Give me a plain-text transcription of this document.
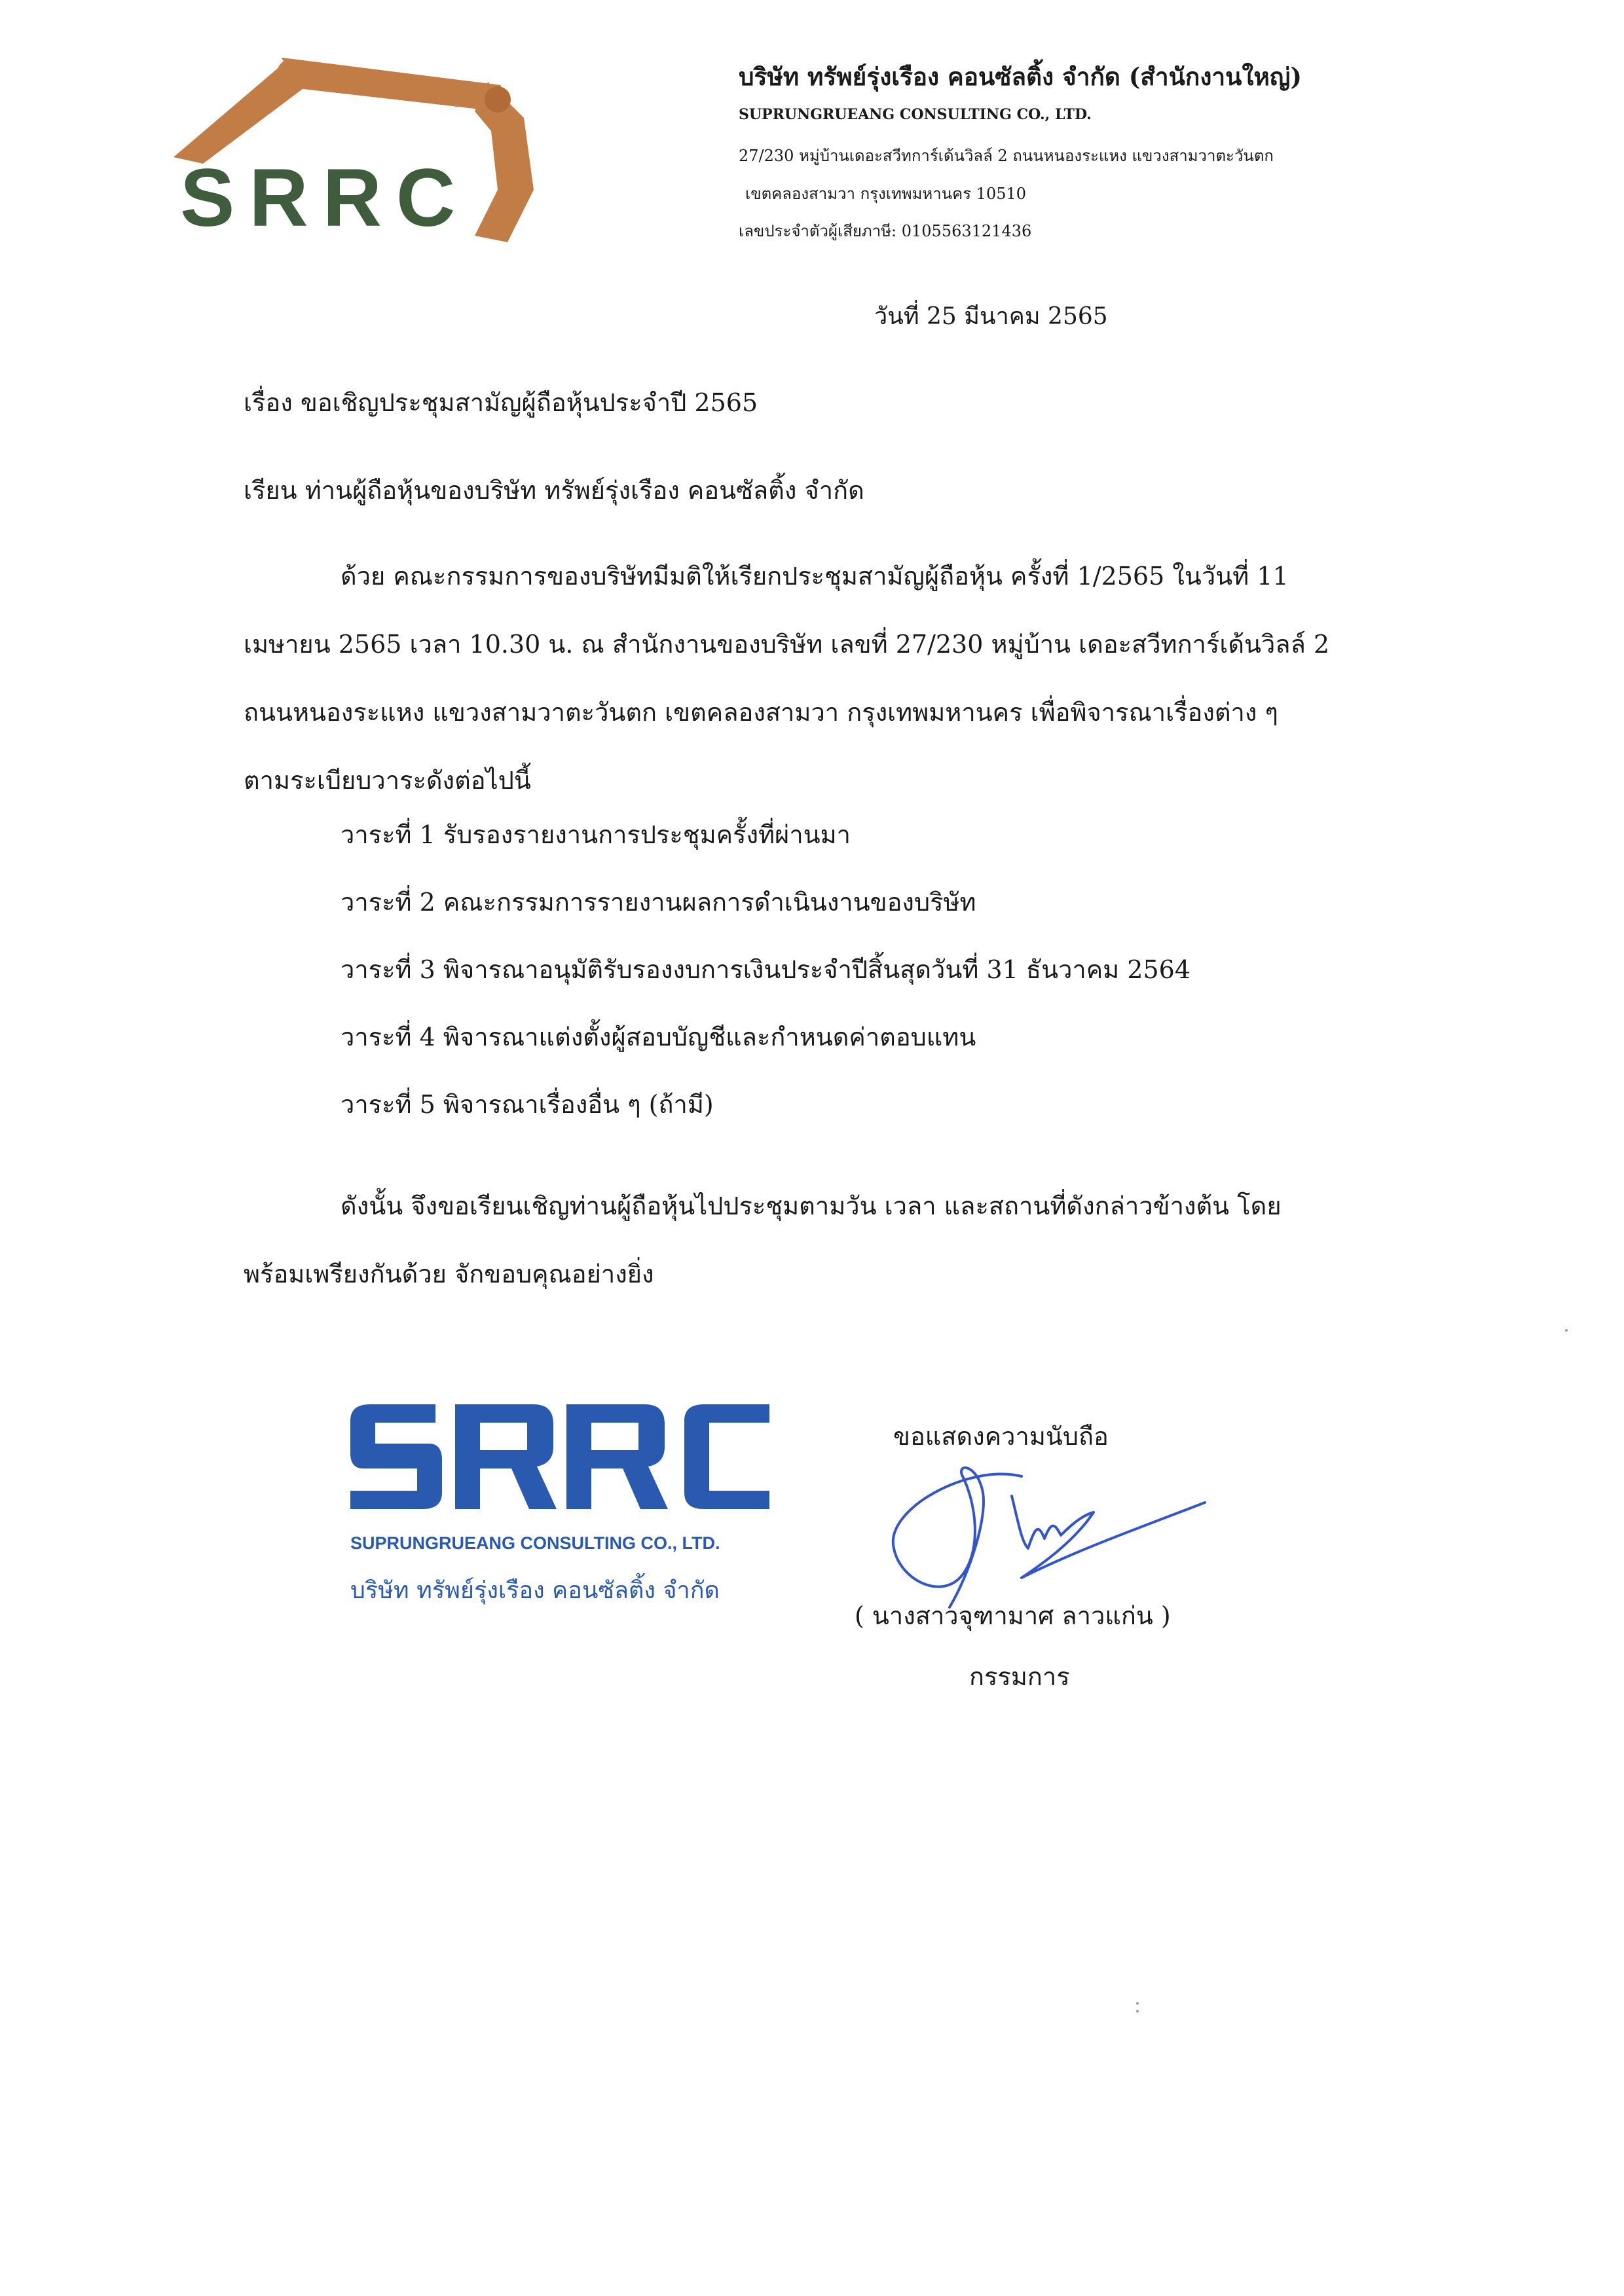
SRRC
บริษัท ทรัพย์รุ่งเรือง คอนซัลติ้ง จำกัด (สำนักงานใหญ่)
SUPRUNGRUEANG CONSULTING CO., LTD.
27/230 หมู่บ้านเดอะสวีทการ์เด้นวิลล์ 2 ถนนหนองระแหง แขวงสามวาตะวันตก
เขตคลองสามวา กรุงเทพมหานคร 10510
เลขประจำตัวผู้เสียภาษี: 0105563121436
วันที่ 25 มีนาคม 2565
เรื่อง ขอเชิญประชุมสามัญผู้ถือหุ้นประจำปี 2565
เรียน ท่านผู้ถือหุ้นของบริษัท ทรัพย์รุ่งเรือง คอนซัลติ้ง จำกัด
ด้วย คณะกรรมการของบริษัทมีมติให้เรียกประชุมสามัญผู้ถือหุ้น ครั้งที่ 1/2565 ในวันที่ 11
เมษายน 2565 เวลา 10.30 น. ณ สำนักงานของบริษัท เลขที่ 27/230 หมู่บ้าน เดอะสวีทการ์เด้นวิลล์ 2
ถนนหนองระแหง แขวงสามวาตะวันตก เขตคลองสามวา กรุงเทพมหานคร เพื่อพิจารณาเรื่องต่าง ๆ
ตามระเบียบวาระดังต่อไปนี้
วาระที่ 1 รับรองรายงานการประชุมครั้งที่ผ่านมา
วาระที่ 2 คณะกรรมการรายงานผลการดำเนินงานของบริษัท
วาระที่ 3 พิจารณาอนุมัติรับรองงบการเงินประจำปีสิ้นสุดวันที่ 31 ธันวาคม 2564
วาระที่ 4 พิจารณาแต่งตั้งผู้สอบบัญชีและกำหนดค่าตอบแทน
วาระที่ 5 พิจารณาเรื่องอื่น ๆ (ถ้ามี)
ดังนั้น จึงขอเรียนเชิญท่านผู้ถือหุ้นไปประชุมตามวัน เวลา และสถานที่ดังกล่าวข้างต้น โดย
พร้อมเพรียงกันด้วย จักขอบคุณอย่างยิ่ง
SUPRUNGRUEANG CONSULTING CO., LTD.
บริษัท ทรัพย์รุ่งเรือง คอนซัลติ้ง จำกัด
ขอแสดงความนับถือ
( นางสาวจุฑามาศ ลาวแก่น )
กรรมการ
